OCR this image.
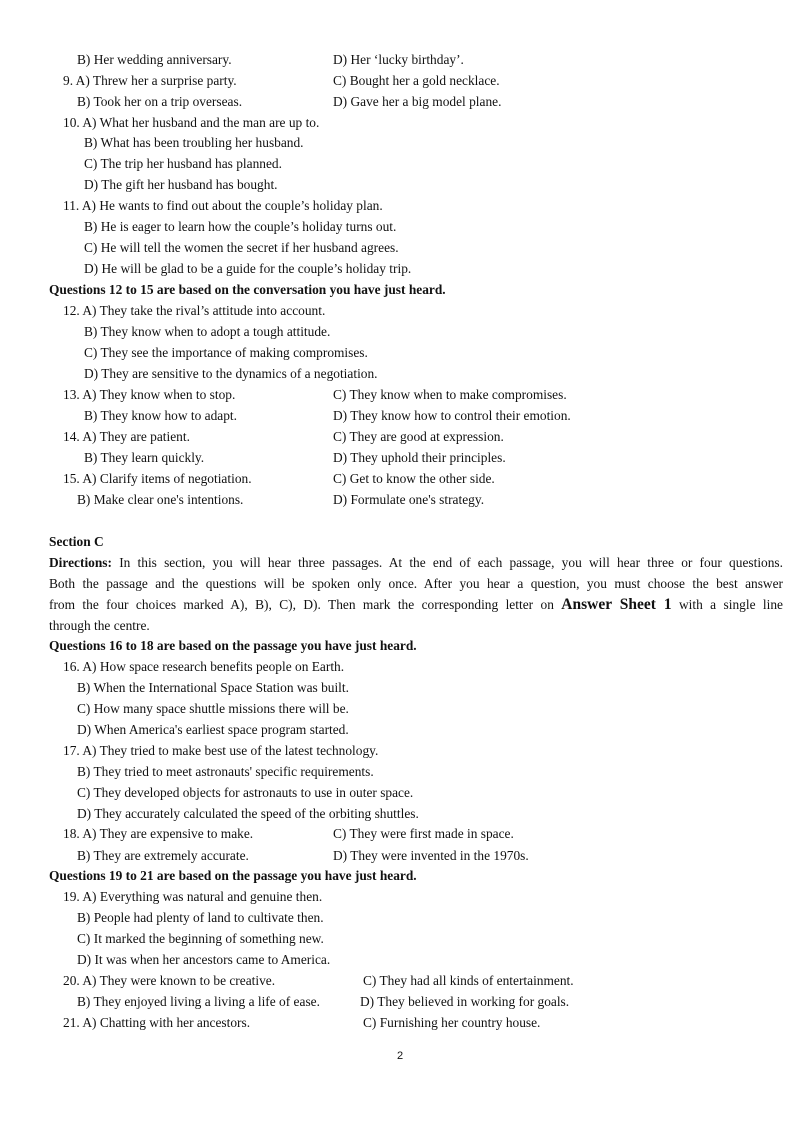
B) Her wedding anniversary.	D) Her ‘lucky birthday’.
9. A) Threw her a surprise party.	C) Bought her a gold necklace.
B) Took her on a trip overseas.	D) Gave her a big model plane.
10. A) What her husband and the man are up to.
B) What has been troubling her husband.
C) The trip her husband has planned.
D) The gift her husband has bought.
11. A) He wants to find out about the couple’s holiday plan.
B) He is eager to learn how the couple’s holiday turns out.
C) He will tell the women the secret if her husband agrees.
D) He will be glad to be a guide for the couple’s holiday trip.
Questions 12 to 15 are based on the conversation you have just heard.
12. A) They take the rival’s attitude into account.
B) They know when to adopt a tough attitude.
C) They see the importance of making compromises.
D) They are sensitive to the dynamics of a negotiation.
13. A) They know when to stop.	C) They know when to make compromises.
B) They know how to adapt.	D) They know how to control their emotion.
14. A) They are patient.	C) They are good at expression.
B) They learn quickly.	D) They uphold their principles.
15. A) Clarify items of negotiation.	C) Get to know the other side.
B) Make clear one's intentions.	D) Formulate one's strategy.
Section C
Directions: In this section, you will hear three passages. At the end of each passage, you will hear three or four questions.
Both the passage and the questions will be spoken only once. After you hear a question, you must choose the best answer
from the four choices marked A), B), C), D). Then mark the corresponding letter on Answer Sheet 1 with a single line
through the centre.
Questions 16 to 18 are based on the passage you have just heard.
16. A) How space research benefits people on Earth.
B) When the International Space Station was built.
C) How many space shuttle missions there will be.
D) When America's earliest space program started.
17. A) They tried to make best use of the latest technology.
B) They tried to meet astronauts' specific requirements.
C) They developed objects for astronauts to use in outer space.
D) They accurately calculated the speed of the orbiting shuttles.
18. A) They are expensive to make.	C) They were first made in space.
B) They are extremely accurate.	D) They were invented in the 1970s.
Questions 19 to 21 are based on the passage you have just heard.
19. A) Everything was natural and genuine then.
B) People had plenty of land to cultivate then.
C) It marked the beginning of something new.
D) It was when her ancestors came to America.
20. A) They were known to be creative.	C) They had all kinds of entertainment.
B) They enjoyed living a living a life of ease.	D) They believed in working for goals.
21. A) Chatting with her ancestors.	C) Furnishing her country house.
2
